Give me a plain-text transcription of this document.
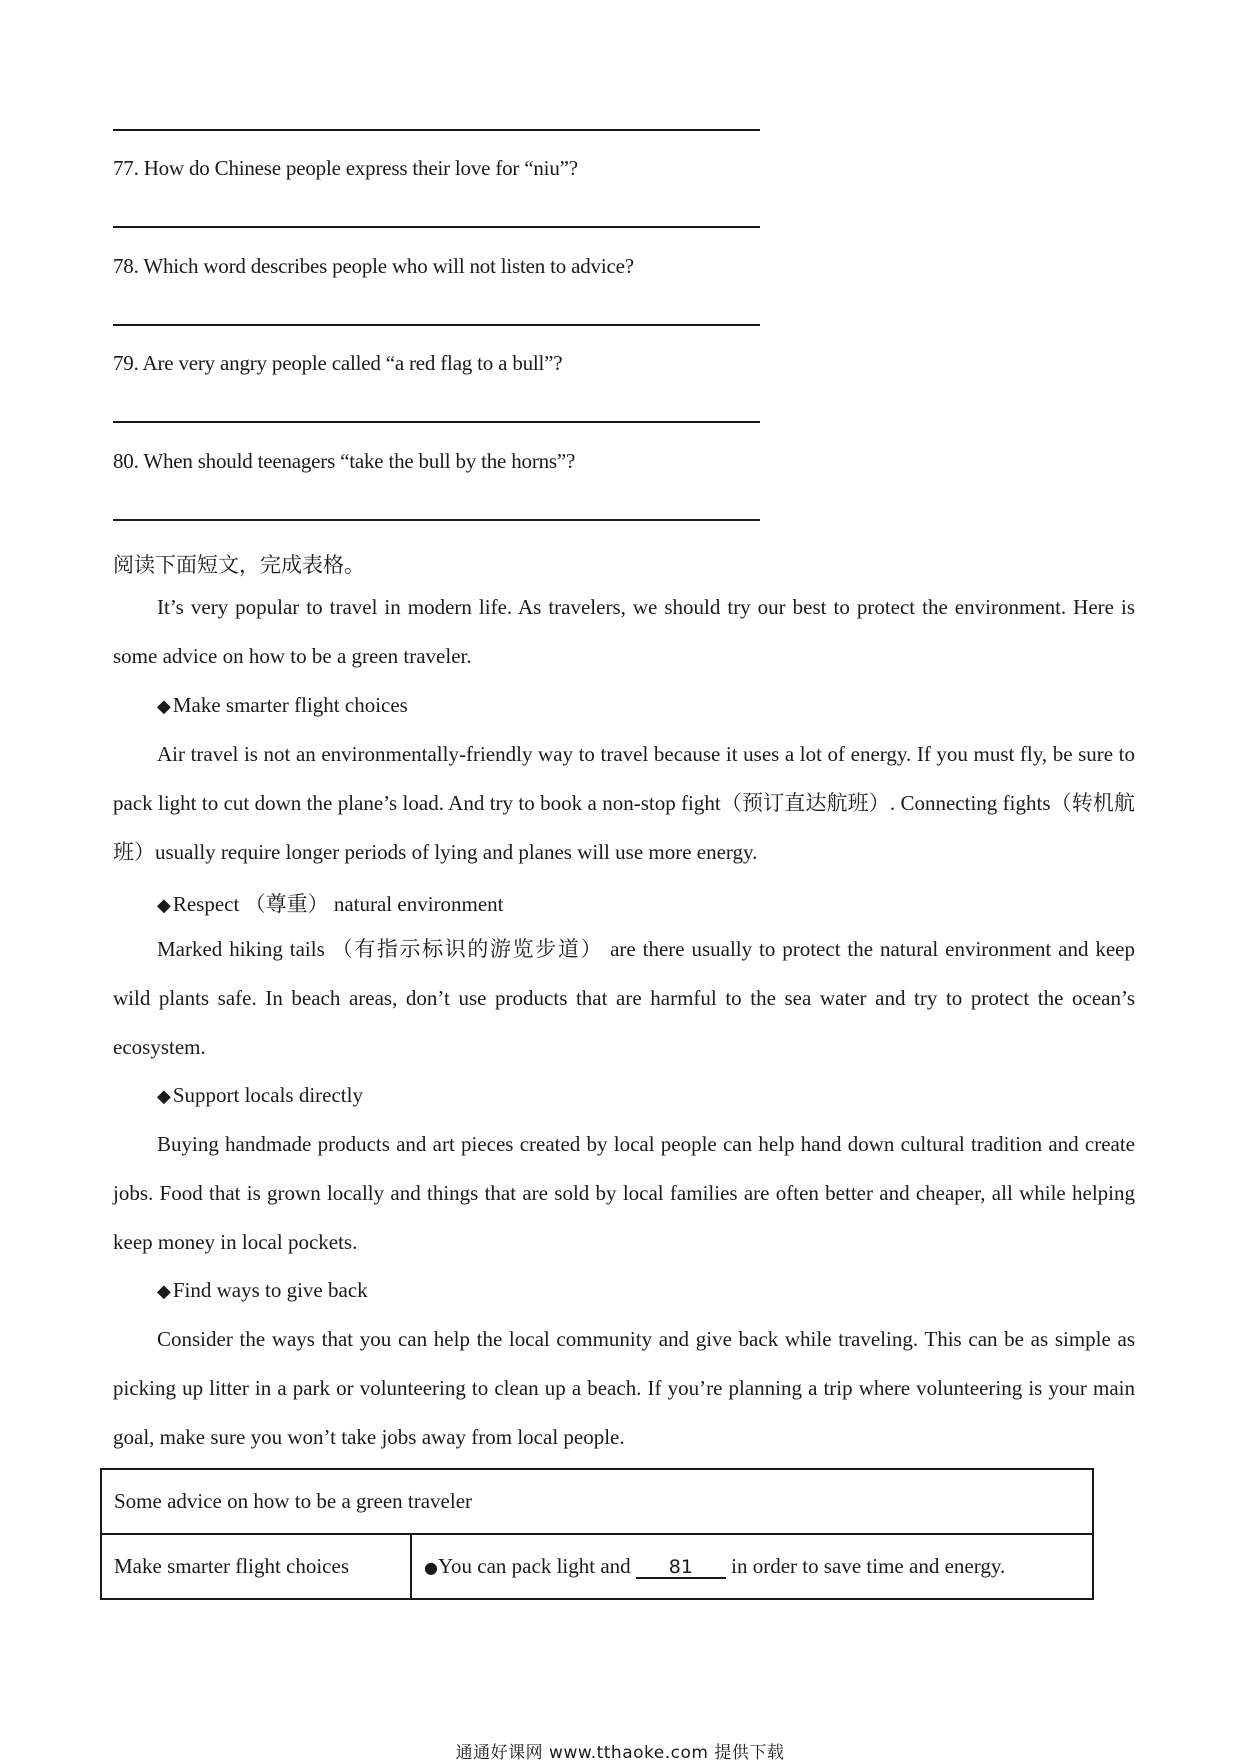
77. How do Chinese people express their love for “niu”?
78. Which word describes people who will not listen to advice?
79. Are very angry people called “a red flag to a bull”?
80. When should teenagers “take the bull by the horns”?
阅读下面短文，完成表格。

It’s very popular to travel in modern life. As travelers, we should try our best to protect the environment. Here is some advice on how to be a green traveler.

◆Make smarter flight choices

Air travel is not an environmentally-friendly way to travel because it uses a lot of energy. If you must fly, be sure to pack light to cut down the plane’s load. And try to book a non-stop fight（预订直达航班）. Connecting fights（转机航班）usually require longer periods of lying and planes will use more energy.

◆Respect （尊重） natural environment

Marked hiking tails （有指示标识的游览步道） are there usually to protect the natural environment and keep wild plants safe. In beach areas, don’t use products that are harmful to the sea water and try to protect the ocean’s ecosystem.

◆Support locals directly

Buying handmade products and art pieces created by local people can help hand down cultural tradition and create jobs. Food that is grown locally and things that are sold by local families are often better and cheaper, all while helping keep money in local pockets.

◆Find ways to give back

Consider the ways that you can help the local community and give back while traveling. This can be as simple as picking up litter in a park or volunteering to clean up a beach. If you’re planning a trip where volunteering is your main goal, make sure you won’t take jobs away from local people.

Some advice on how to be a green traveler
Make smarter flight choices	●You can pack light and 81 in order to save time and energy.
通通好课网 www.tthaoke.com 提供下载
